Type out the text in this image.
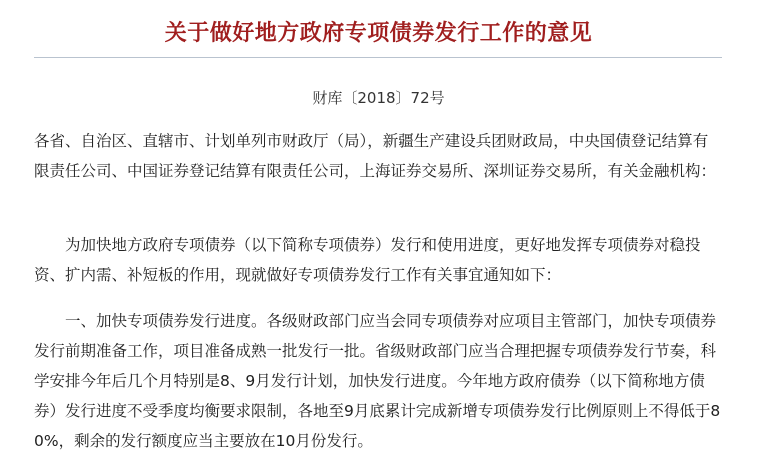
关于做好地方政府专项债券发行工作的意见
财库〔2018〕72号

各省、自治区、直辖市、计划单列市财政厅（局），新疆生产建设兵团财政局，中央国债登记结算有限责任公司、中国证券登记结算有限责任公司，上海证券交易所、深圳证券交易所，有关金融机构：

为加快地方政府专项债券（以下简称专项债券）发行和使用进度，更好地发挥专项债券对稳投资、扩内需、补短板的作用，现就做好专项债券发行工作有关事宜通知如下：

一、加快专项债券发行进度。各级财政部门应当会同专项债券对应项目主管部门，加快专项债券发行前期准备工作，项目准备成熟一批发行一批。省级财政部门应当合理把握专项债券发行节奏，科学安排今年后几个月特别是8、9月发行计划，加快发行进度。今年地方政府债券（以下简称地方债券）发行进度不受季度均衡要求限制，各地至9月底累计完成新增专项债券发行比例原则上不得低于80%，剩余的发行额度应当主要放在10月份发行。
